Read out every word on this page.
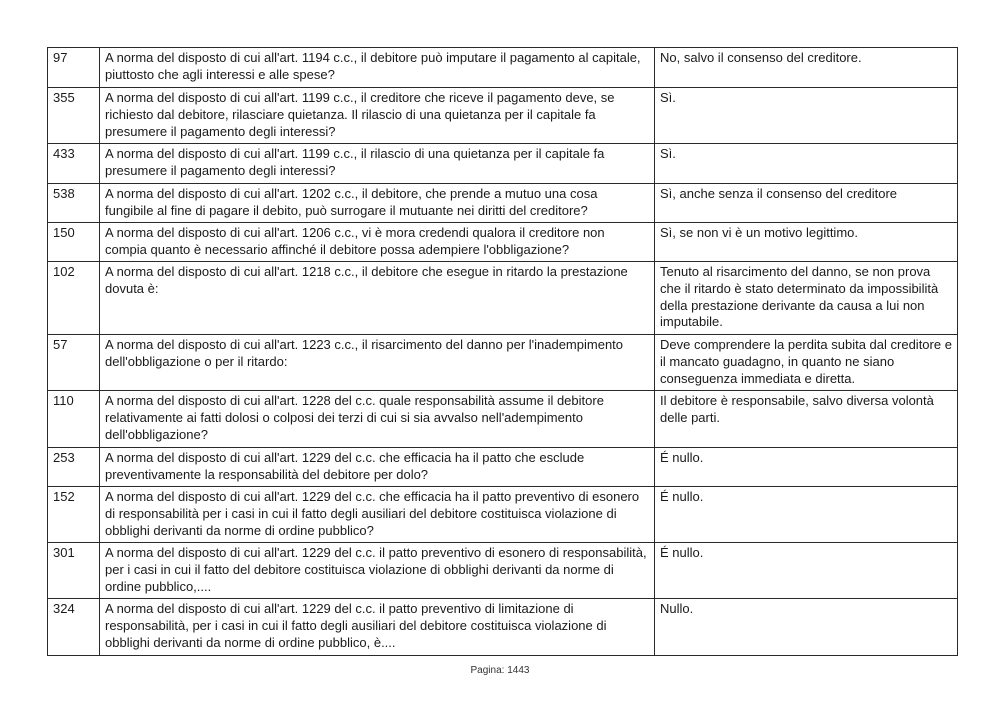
97	A norma del disposto di cui all'art. 1194 c.c., il debitore può imputare il pagamento al capitale, piuttosto che agli interessi e alle spese?	No, salvo il consenso del creditore.
355	A norma del disposto di cui all'art. 1199 c.c., il creditore che riceve il pagamento deve, se richiesto dal debitore, rilasciare quietanza. Il rilascio di una quietanza per il capitale fa presumere il pagamento degli interessi?	Sì.
433	A norma del disposto di cui all'art. 1199 c.c., il rilascio di una quietanza per il capitale fa presumere il pagamento degli interessi?	Sì.
538	A norma del disposto di cui all'art. 1202 c.c., il debitore, che prende a mutuo una cosa fungibile al fine di pagare il debito, può surrogare il mutuante nei diritti del creditore?	Sì, anche senza il consenso del creditore
150	A norma del disposto di cui all'art. 1206 c.c., vi è mora credendi qualora il creditore non compia quanto è necessario affinché il debitore possa adempiere l'obbligazione?	Sì, se non vi è un motivo legittimo.
102	A norma del disposto di cui all'art. 1218 c.c., il debitore che esegue in ritardo la prestazione dovuta è:	Tenuto al risarcimento del danno, se non prova che il ritardo è stato determinato da impossibilità della prestazione derivante da causa a lui non imputabile.
57	A norma del disposto di cui all'art. 1223 c.c., il risarcimento del danno per l'inadempimento dell'obbligazione o per il ritardo:	Deve comprendere la perdita subita dal creditore e il mancato guadagno, in quanto ne siano conseguenza immediata e diretta.
110	A norma del disposto di cui all'art. 1228 del c.c. quale responsabilità assume il debitore relativamente ai fatti dolosi o colposi dei terzi di cui si sia avvalso nell'adempimento dell'obbligazione?	Il debitore è responsabile, salvo diversa volontà delle parti.
253	A norma del disposto di cui all'art. 1229 del c.c. che efficacia ha il patto che esclude preventivamente la responsabilità del debitore per dolo?	É nullo.
152	A norma del disposto di cui all'art. 1229 del c.c. che efficacia ha il patto preventivo di esonero di responsabilità per i casi in cui il fatto degli ausiliari del debitore costituisca violazione di obblighi derivanti da norme di ordine pubblico?	É nullo.
301	A norma del disposto di cui all'art. 1229 del c.c. il patto preventivo di esonero di responsabilità, per i casi in cui il fatto del debitore costituisca violazione di obblighi derivanti da norme di ordine pubblico,....	É nullo.
324	A norma del disposto di cui all'art. 1229 del c.c. il patto preventivo di limitazione di responsabilità, per i casi in cui il fatto degli ausiliari del debitore costituisca violazione di obblighi derivanti da norme di ordine pubblico, è....	Nullo.
Pagina: 1443
